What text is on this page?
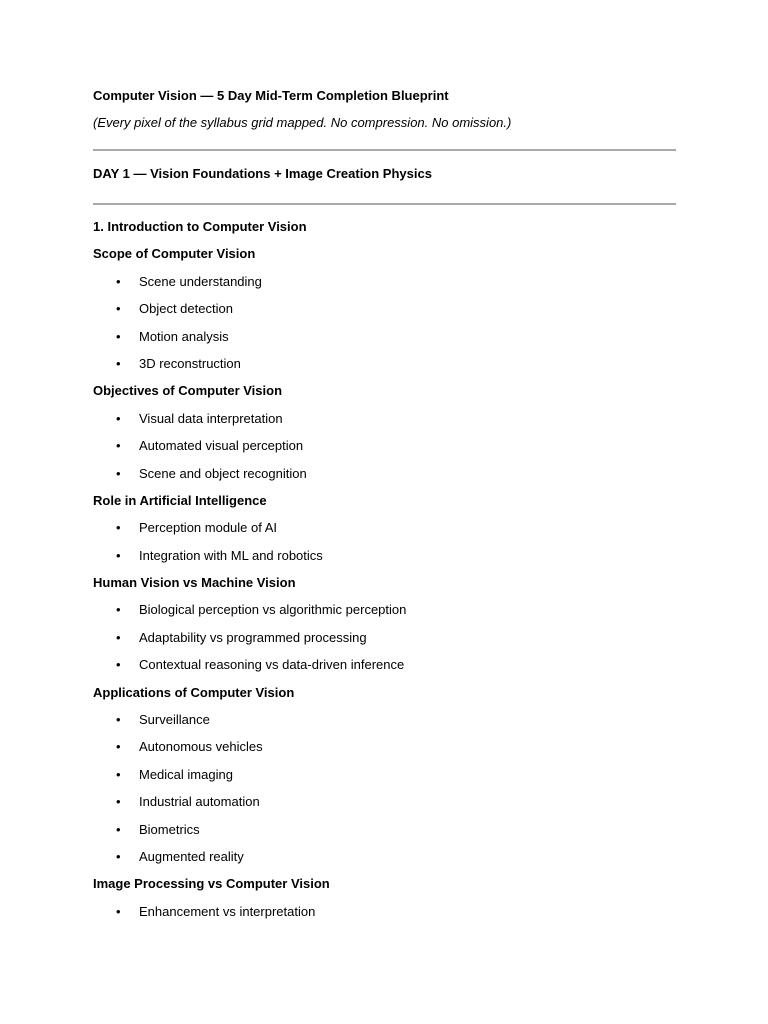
Computer Vision — 5 Day Mid-Term Completion Blueprint
(Every pixel of the syllabus grid mapped. No compression. No omission.)
DAY 1 — Vision Foundations + Image Creation Physics
1. Introduction to Computer Vision
Scope of Computer Vision
• Scene understanding
• Object detection
• Motion analysis
• 3D reconstruction
Objectives of Computer Vision
• Visual data interpretation
• Automated visual perception
• Scene and object recognition
Role in Artificial Intelligence
• Perception module of AI
• Integration with ML and robotics
Human Vision vs Machine Vision
• Biological perception vs algorithmic perception
• Adaptability vs programmed processing
• Contextual reasoning vs data-driven inference
Applications of Computer Vision
• Surveillance
• Autonomous vehicles
• Medical imaging
• Industrial automation
• Biometrics
• Augmented reality
Image Processing vs Computer Vision
• Enhancement vs interpretation
